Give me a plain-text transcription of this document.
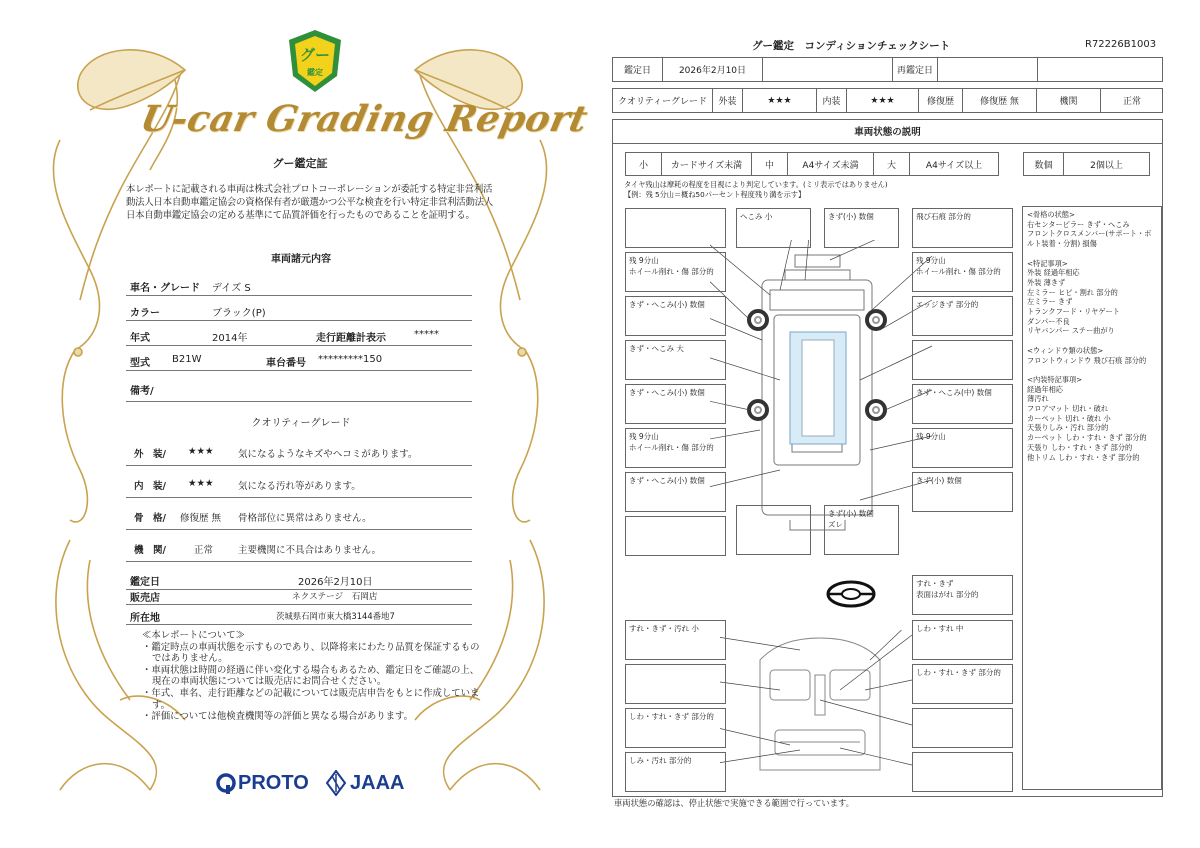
グー
鑑定
U-car Grading Report
グー鑑定証
本レポートに記載される車両は株式会社プロトコーポレーションが委託する特定非営利活動法人日本自動車鑑定協会の資格保有者が厳選かつ公平な検査を行い特定非営利活動法人日本自動車鑑定協会の定める基準にて品質評価を行ったものであることを証明する。
車両諸元内容
車名・グレード デイズ S
カラー	ブラック(P)
年式	2014年	走行距離計表示	*****
型式 B21W	車台番号 *********150
備考/
クオリティーグレード
外　装/ ★★★	気になるようなキズやヘコミがあります。
内　装/ ★★★	気になる汚れ等があります。
骨　格/ 修復歴 無 骨格部位に異常はありません。
機　関/	正常	主要機関に不具合はありません。
鑑定日	2026年2月10日
販売店	ネクステージ　石岡店
所在地	茨城県石岡市東大橋3144番地7
≪本レポートについて≫
・鑑定時点の車両状態を示すものであり、以降将来にわたり品質を保証するものではありません。
・車両状態は時間の経過に伴い変化する場合もあるため、鑑定日をご確認の上、現在の車両状態については販売店にお問合せください。
・年式、車名、走行距離などの記載については販売店申告をもとに作成しています。
・評価については他検査機関等の評価と異なる場合があります。
PROTO JAAA
グー鑑定　コンディションチェックシート	R72226B1003
鑑定日	2026年2月10日	再鑑定日
クオリティーグレード	外装	★★★	内装	★★★	修復歴	修復歴 無	機関	正常
車両状態の説明
小	カードサイズ未満	中	A4サイズ未満	大	A4サイズ以上	数個	2個以上
タイヤ残山は摩耗の程度を目視により判定しています。(ミリ表示ではありません)
【例：残 5分山＝概ね50パーセント程度残り溝を示す】
残 9分山
ホイール削れ・傷 部分的
きず・へこみ(小) 数個
きず・へこみ 大
きず・へこみ(小) 数個
残 9分山
ホイール削れ・傷 部分的
きず・へこみ(小) 数個
へこみ 小	きず(小) 数個	飛び石痕 部分的
残 9分山
ホイール削れ・傷 部分的
エッジきず 部分的
きず・へこみ(中) 数個
残 9分山
きず(小) 数個
きず(小) 数個
ズレ
すれ・きず・汚れ 小
しわ・すれ・きず 部分的
しみ・汚れ 部分的
すれ・きず
表面はがれ 部分的
しわ・すれ 中
しわ・すれ・きず 部分的
<骨格の状態>
右センターピラー きず・へこみ
フロントクロスメンバー(サポート・ボルト装着・分割) 損傷
<特記事項>
外装 経過年相応
外装 薄きず
左ミラー ヒビ・割れ 部分的
左ミラー きず
トランクフード・リヤゲート
ダンパー不良
リヤバンパー ステー曲がり
<ウィンドウ類の状態>
フロントウィンドウ 飛び石痕 部分的
<内装特記事項>
経過年相応
薄汚れ
フロアマット 切れ・破れ
カーペット 切れ・破れ 小
天張りしみ・汚れ 部分的
カーペット しわ・すれ・きず 部分的
天張り しわ・すれ・きず 部分的
他トリム しわ・すれ・きず 部分的
車両状態の確認は、停止状態で実施できる範囲で行っています。
